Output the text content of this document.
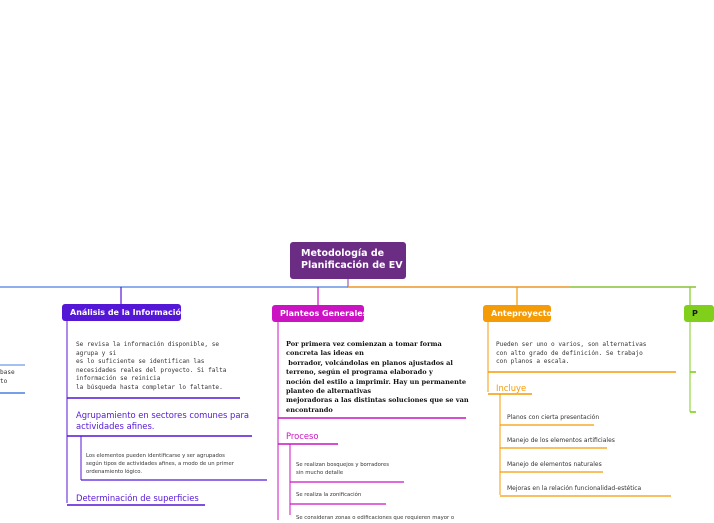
Metodología de
Planificación de EV
Análisis de la Información	Planteos Generales	Anteproyecto	P
base
to
Se revisa la información disponible, se
agrupa y si
es lo suficiente se identifican las
necesidades reales del proyecto. Si falta
información se reinicia
la búsqueda hasta completar lo faltante.
Agrupamiento en sectores comunes para
actividades afines.
Los elementos pueden identificarse y ser agrupados
según tipos de actividades afines, a modo de un primer
ordenamiento lógico.
Determinación de superficies
Por primera vez comienzan a tomar forma
concreta las ideas en
borrador, volcándolas en planos ajustados al
terreno, según el programa elaborado y
noción del estilo a imprimir. Hay un permanente
planteo de alternativas
mejoradoras a las distintas soluciones que se van
encontrando
Proceso
Se realizan bosquejos y borradores
sin mucho detalle
Se realiza la zonificación
Se consideran zonas o edificaciones que requieren mayor o
Pueden ser uno o varios, son alternativas
con alto grado de definición. Se trabajo
con planos a escala.
Incluye
Planos con cierta presentación
Manejo de los elementos artificiales
Manejo de elementos naturales
Mejoras en la relación funcionalidad-estética
